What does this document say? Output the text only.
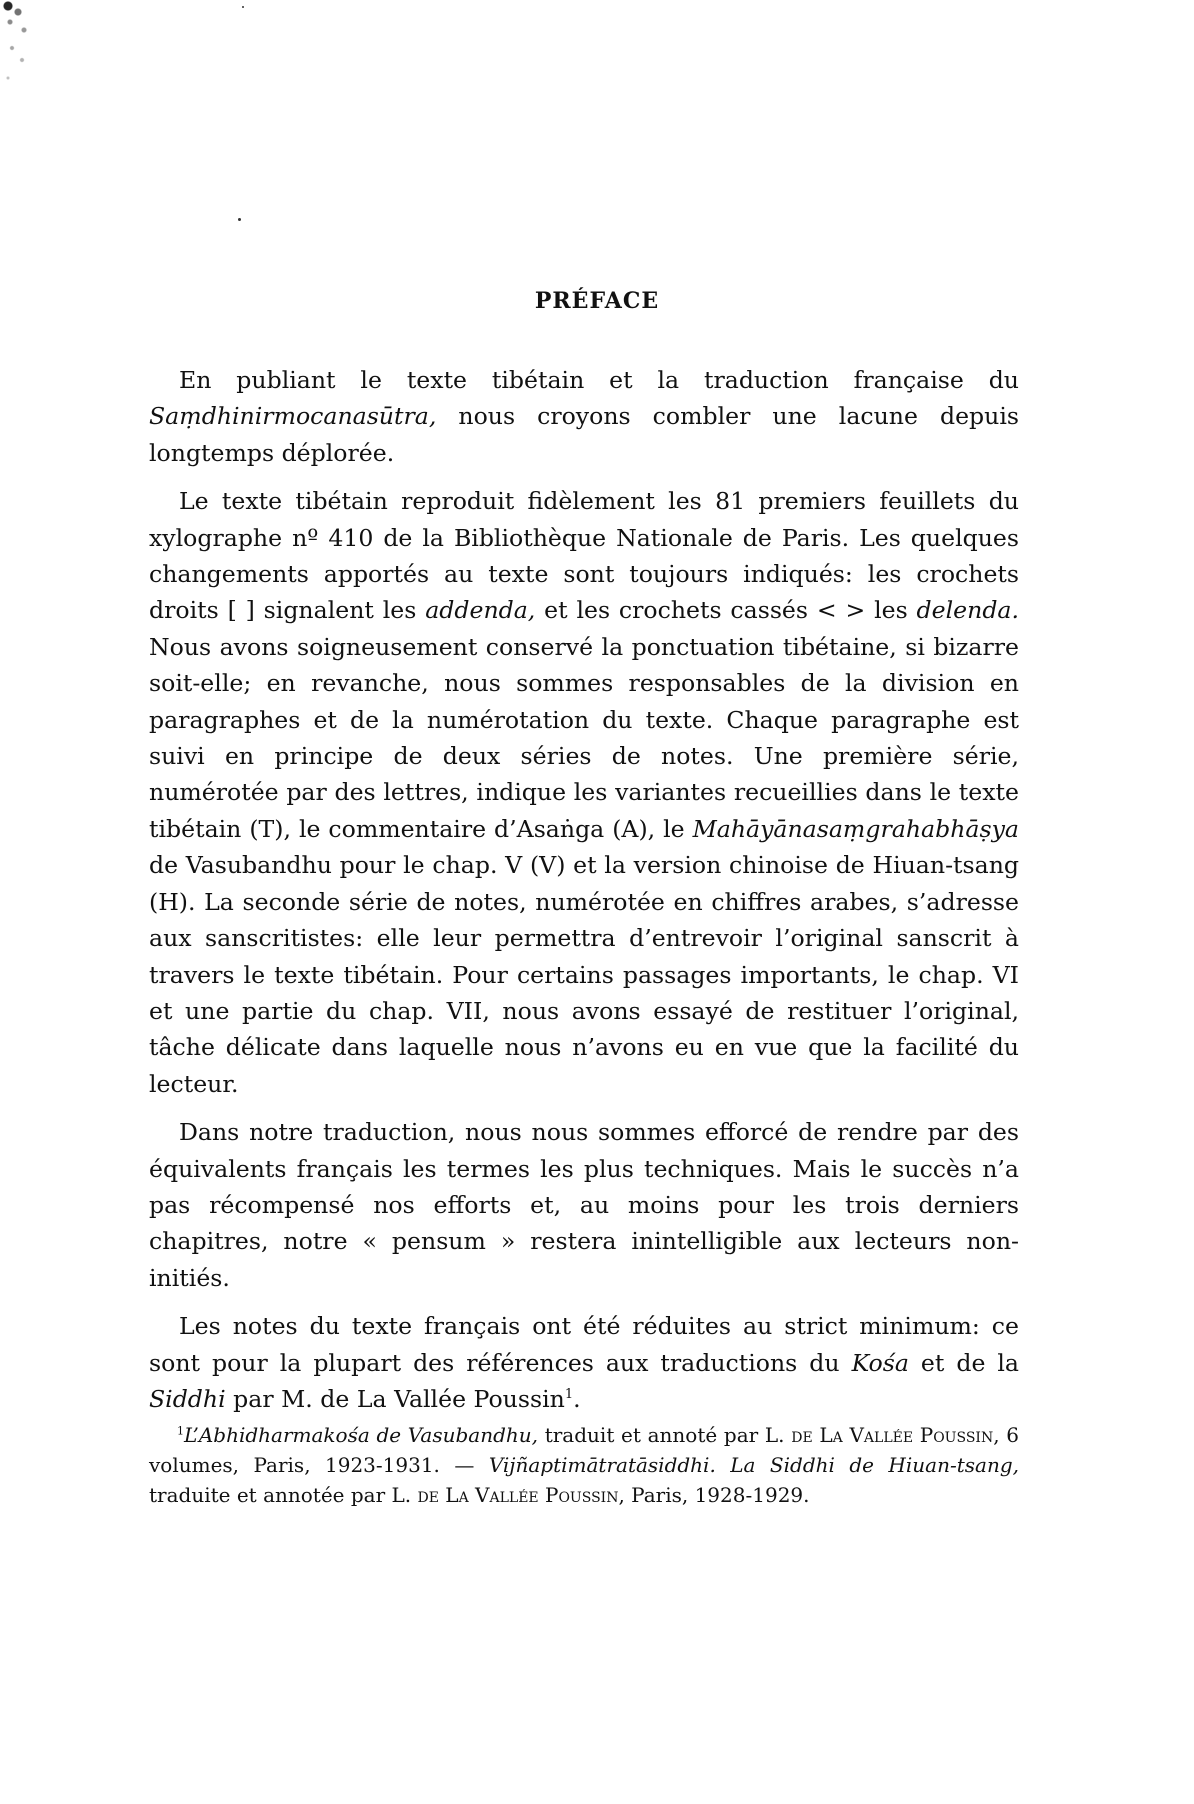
PRÉFACE

En publiant le texte tibétain et la traduction française du Saṃdhinirmocanasūtra, nous croyons combler une lacune depuis longtemps déplorée.

Le texte tibétain reproduit fidèlement les 81 premiers feuillets du xylographe nº 410 de la Bibliothèque Nationale de Paris. Les quelques changements apportés au texte sont toujours indiqués: les crochets droits [ ] signalent les addenda, et les crochets cassés < > les delenda. Nous avons soigneusement conservé la ponctuation tibétaine, si bizarre soit-elle; en revanche, nous sommes responsables de la division en paragraphes et de la numérotation du texte. Chaque paragraphe est suivi en principe de deux séries de notes. Une première série, numérotée par des lettres, indique les variantes recueillies dans le texte tibétain (T), le commentaire d’Asaṅga (A), le Mahāyānasaṃgrahabhāṣya de Vasubandhu pour le chap. V (V) et la version chinoise de Hiuan-tsang (H). La seconde série de notes, numérotée en chiffres arabes, s’adresse aux sanscritistes: elle leur permettra d’entrevoir l’original sanscrit à travers le texte tibétain. Pour certains passages importants, le chap. VI et une partie du chap. VII, nous avons essayé de restituer l’original, tâche délicate dans laquelle nous n’avons eu en vue que la facilité du lecteur.

Dans notre traduction, nous nous sommes efforcé de rendre par des équivalents français les termes les plus techniques. Mais le succès n’a pas récompensé nos efforts et, au moins pour les trois derniers chapitres, notre « pensum » restera inintelligible aux lecteurs non-initiés.

Les notes du texte français ont été réduites au strict minimum: ce sont pour la plupart des références aux traductions du Kośa et de la Siddhi par M. de La Vallée Poussin$^1$.

$^1$L’Abhidharmakośa de Vasubandhu, traduit et annoté par L. de La Vallée Poussin, 6 volumes, Paris, 1923-1931. — Vijñaptimātratāsiddhi. La Siddhi de Hiuan-tsang, traduite et annotée par L. de La Vallée Poussin, Paris, 1928-1929.
